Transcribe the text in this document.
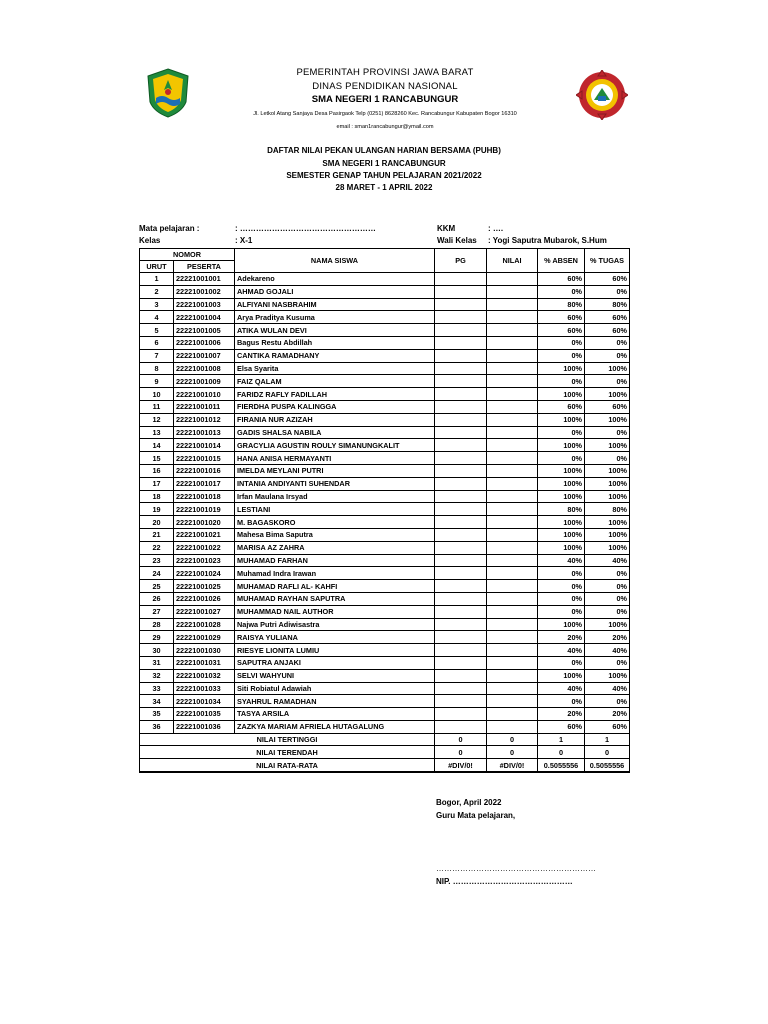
PEMERINTAH PROVINSI JAWA BARAT
DINAS PENDIDIKAN NASIONAL
SMA NEGERI 1 RANCABUNGUR
Jl. Letkol Atang Sanjaya Desa Pasirgaok Telp (0251) 8628260 Kec. Rancabungur Kabupaten Bogor 16310
email : sman1rancabungur@ymail.com
DAFTAR NILAI PEKAN ULANGAN HARIAN BERSAMA (PUHB)
SMA NEGERI 1 RANCABUNGUR
SEMESTER GENAP TAHUN PELAJARAN 2021/2022
28 MARET - 1 APRIL 2022
Mata pelajaran :	: ……………………………………………
Kelas	: X-1
KKM	: ….
Wali Kelas : Yogi Saputra Mubarok, S.Hum
NOMOR		NAMA SISWA	PG	NILAI	% ABSEN	% TUGAS
URUT	PESERTA					
1	22221001001	Adekareno			60%	60%
2	22221001002	AHMAD GOJALI			0%	0%
3	22221001003	ALFIYANI NASBRAHIM			80%	80%
4	22221001004	Arya Praditya Kusuma			60%	60%
5	22221001005	ATIKA WULAN DEVI			60%	60%
6	22221001006	Bagus Restu Abdillah			0%	0%
7	22221001007	CANTIKA RAMADHANY			0%	0%
8	22221001008	Elsa Syarita			100%	100%
9	22221001009	FAIZ QALAM			0%	0%
10	22221001010	FARIDZ RAFLY FADILLAH			100%	100%
11	22221001011	FIERDHA PUSPA KALINGGA			60%	60%
12	22221001012	FIRANIA NUR AZIZAH			100%	100%
13	22221001013	GADIS SHALSA NABILA			0%	0%
14	22221001014	GRACYLIA AGUSTIN ROULY SIMANUNGKALIT			100%	100%
15	22221001015	HANA ANISA HERMAYANTI			0%	0%
16	22221001016	IMELDA MEYLANI PUTRI			100%	100%
17	22221001017	INTANIA ANDIYANTI SUHENDAR			100%	100%
18	22221001018	Irfan Maulana Irsyad			100%	100%
19	22221001019	LESTIANI			80%	80%
20	22221001020	M. BAGASKORO			100%	100%
21	22221001021	Mahesa Bima Saputra			100%	100%
22	22221001022	MARISA AZ ZAHRA			100%	100%
23	22221001023	MUHAMAD FARHAN			40%	40%
24	22221001024	Muhamad Indra Irawan			0%	0%
25	22221001025	MUHAMAD RAFLI AL- KAHFI			0%	0%
26	22221001026	MUHAMAD RAYHAN SAPUTRA			0%	0%
27	22221001027	MUHAMMAD NAIL AUTHOR			0%	0%
28	22221001028	Najwa Putri Adiwisastra			100%	100%
29	22221001029	RAISYA YULIANA			20%	20%
30	22221001030	RIESYE LIONITA LUMIU			40%	40%
31	22221001031	SAPUTRA ANJAKI			0%	0%
32	22221001032	SELVI WAHYUNI			100%	100%
33	22221001033	Siti Robiatul Adawiah			40%	40%
34	22221001034	SYAHRUL RAMADHAN			0%	0%
35	22221001035	TASYA ARSILA			20%	20%
36	22221001036	ZAZKYA MARIAM AFRIELA HUTAGALUNG			60%	60%
NILAI TERTINGGI			0	0	1	1
NILAI TERENDAH			0	0	0	0
NILAI RATA-RATA			#DIV/0!	#DIV/0!	0.5055556	0.5055556
Bogor, April 2022
Guru Mata pelajaran,
……………………………………………………
NIP. ………………………………………
